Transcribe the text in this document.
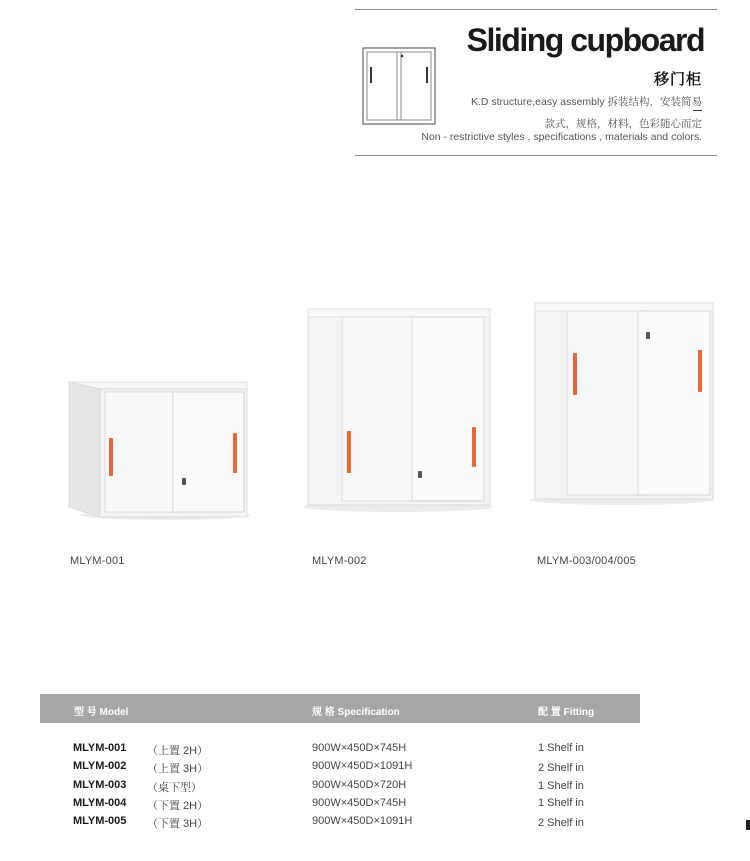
Sliding cupboard
移门柜
K.D structure,easy assembly 拆装结构，安装简易
款式，规格，材料，色彩随心而定
Non - restrictive styles , specifications , materials and colors.
MLYM-001	MLYM-002	MLYM-003/004/005
型 号 Model	规 格 Specification	配 置 Fitting
MLYM-001 （上置 2H）	900W×450D×745H	1 Shelf in
MLYM-002 （上置 3H）	900W×450D×1091H	2 Shelf in
MLYM-003 （桌下型）	900W×450D×720H	1 Shelf in
MLYM-004 （下置 2H）	900W×450D×745H	1 Shelf in
MLYM-005 （下置 3H）	900W×450D×1091H	2 Shelf in
